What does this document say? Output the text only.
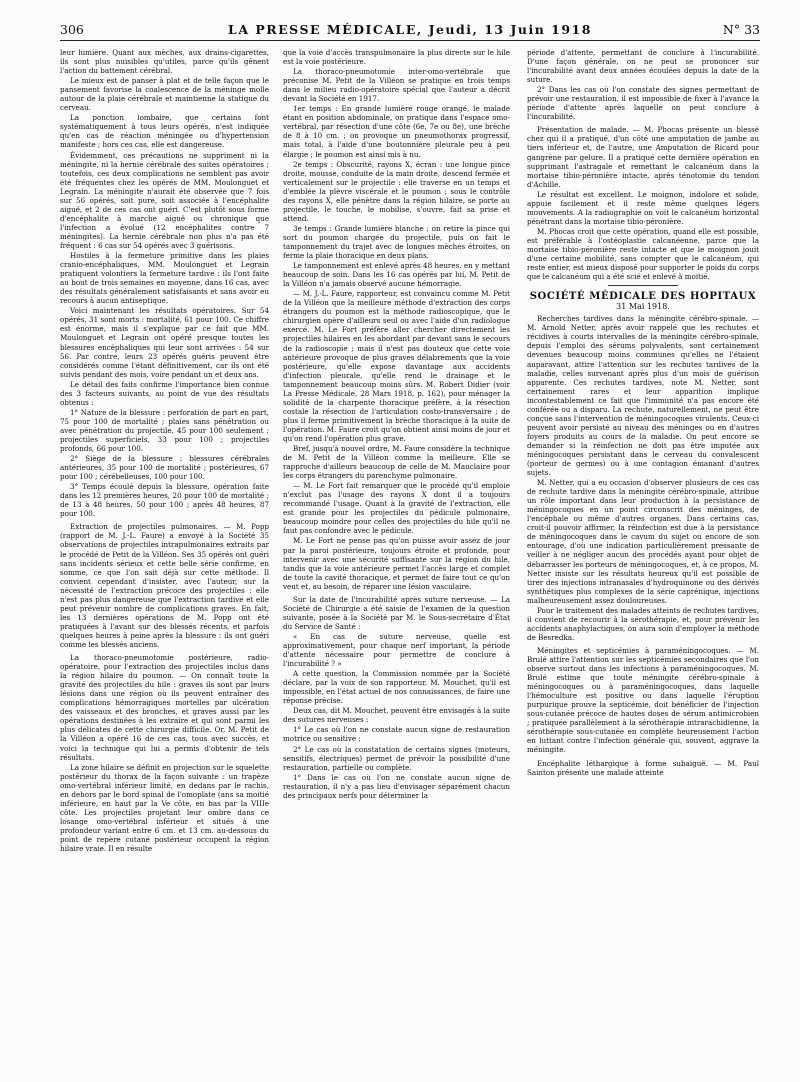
306	LA PRESSE MÉDICALE, Jeudi, 13 Juin 1918	N° 33

leur lumière. Quant aux mèches, aux drains-cigarettes, ils sont plus nuisibles qu'utiles, parce qu'ils gênent l'action du battement cérébral.

Le mieux est de panser à plat et de telle façon que le pansement favorise la coalescence de la méninge molle autour de la plaie cérébrale et maintienne la statique du cerveau.

La ponction lombaire, que certains font systématiquement à tous leurs opérés, n'est indiquée qu'en cas de réaction méningée ou d'hypertension manifeste ; hors ces cas, elle est dangereuse.

Évidemment, ces précautions ne suppriment ni la méningite, ni la hernie cérébrale des suites opératoires ; toutefois, ces deux complications ne semblent pas avoir été fréquentes chez les opérés de MM. Moulonguet et Legrain. La méningite n'aurait été observée que 7 fois sur 56 opérés, soit pure, soit associée à l'encéphalite aiguë, et 2 de ces cas ont guéri. C'est plutôt sous forme d'encéphalite à marche aiguë ou chronique que l'infection a évolué (12 encéphalites contre 7 méningites). La hernie cérébrale non plus n'a pas été fréquent : 6 cas sur 54 opérés avec 3 guérisons.

Hostiles à la fermeture primitive dans les plaies cranio-encéphaliques, MM. Moulonguet et Legrain pratiquent volontiers la fermeture tardive : ils l'ont faite au bout de trois semaines en moyenne, dans 16 cas, avec des résultats généralement satisfaisants et sans avoir eu recours à aucun antiseptique.

Voici maintenant les résultats opératoires. Sur 54 opérés, 31 sont morts : mortalité, 61 pour 100. Ce chiffre est énorme, mais il s'explique par ce fait que MM. Moulonguet et Legrain ont opéré presque toutes les blessures encéphaliques qui leur sont arrivées : 54 sur 56. Par contre, leurs 23 opérés guéris peuvent être considérés comme l'étant définitivement, car ils ont été suivis pendant des mois, voire pendant un et deux ans.

Le détail des faits confirme l'importance bien connue des 3 facteurs suivants, au point de vue des résultats obtenus :

1° Nature de la blessure : perforation de part en part, 75 pour 100 de mortalité ; plaies sans pénétration ou avec pénétration du projectile, 45 pour 100 seulement ; projectiles superficiels, 33 pour 100 ; projectiles profonds, 66 pour 100.

2° Siège de la blessure : blessures cérébrales antérieures, 35 pour 100 de mortalité ; postérieures, 67 pour 100 ; cérébelleuses, 100 pour 100.

3° Temps écoulé depuis la blessure, opération faite dans les 12 premières heures, 20 pour 100 de mortalité ; de 13 à 48 heures, 50 pour 100 ; après 48 heures, 87 pour 100.

Extraction de projectiles pulmonaires. — M. Popp (rapport de M. J.-L. Faure) a envoyé à la Société 35 observations de projectiles intrapulmonaires extraits par le procédé de Petit de la Villéon. Ses 35 opérés ont guéri sans incidents sérieux et cette belle série confirme, en somme, ce que l'on sait déjà sur cette méthode. Il convient cependant d'insister, avec l'auteur, sur la nécessité de l'extraction précoce des projectiles : elle n'est pas plus dangereuse que l'extraction tardive et elle peut prévenir nombre de complications graves. En fait, les 13 dernières opérations de M. Popp ont été pratiquées à l'avant sur des blessés récents, et parfois quelques heures à peine après la blessure : ils ont guéri comme les blessés anciens.

La thoraco-pneumotomie postérieure, radio-opératoire, pour l'extraction des projectiles inclus dans la région hilaire du poumon. — On connaît toute la gravité des projectiles du hile : graves ils sont par leurs lésions dans une région où ils peuvent entraîner des complications hémorragiques mortelles par ulcération des vaisseaux et des bronches, et graves aussi par les opérations destinées à les extraire et qui sont parmi les plus délicates de cette chirurgie difficile. Or, M. Petit de la Villéon a opéré 16 de ces cas, tous avec succès, et voici la technique qui lui a permis d'obtenir de tels résultats.

La zone hilaire se définit en projection sur le squelette postérieur du thorax de la façon suivante : un trapèze omo-vertébral inférieur limité, en dedans par le rachis, en dehors par le bord spinal de l'omoplate (ans sa moitié inférieure, en haut par la Ve côte, en bas par la VIIIe côte. Les projectiles projetant leur ombre dans ce losange omo-vertébral inférieur et situés à une profondeur variant entre 6 cm. et 13 cm. au-dessous du point de repère cutané postérieur occupent la région hilaire vraie. Il en résulte

que la voie d'accès transpulmonaire la plus directe sur le hile est la voie postérieure.

La thoraco-pneumotomie inter-omo-vertébrale que préconise M. Petit de la Villéon se pratique en trois temps dans le milieu radio-opératoire spécial que l'auteur a décrit devant la Société en 1917.

1er temps : En grande lumière rouge orangé, le malade étant en position abdominale, on pratique dans l'espace omo-vertébral, par résection d'une côte (6e, 7e ou 8e), une brèche de 8 à 10 cm. ; on provoque un pneumothorax progressif, mais total, à l'aide d'une boutonnière pleurale peu à peu élargie ; le poumon est ainsi mis à nu.

2e temps : Obscurité, rayons X, écran : une longue pince droite, mousse, conduite de la main droite, descend fermée et verticalement sur le projectile : elle traverse en un temps et d'emblée la plèvre viscérale et le poumon ; sous le contrôle des rayons X, elle pénètre dans la région hilaire, se porte au projectile, le touche, le mobilise, s'ouvre, fait sa prise et attend.

3e temps : Grande lumière blanche ; on retire la pince qui sort du poumon chargée du projectile, puis on fait le tamponnement du trajet avec de longues mèches étroites, on ferme la plaie thoracique en deux plans.

Le tamponnement est enlevé après 48 heures, en y mettant beaucoup de soin. Dans les 16 cas opérés par lui, M. Petit de la Villéon n'a jamais observé aucune hémorragie.

— M. J.-L. Faure, rapporteur, est convaincu comme M. Petit de la Villéon que la meilleure méthode d'extraction des corps étrangers du poumon est la méthode radioscopique, que le chirurgien opère d'ailleurs seul ou avec l'aide d'un radiologue exercé. M. Le Fort préfère aller chercher directement les projectiles hilaires en les abordant par devant sans le secours de la radioscopie ; mais il n'est pas douteux que cette voie antérieure provoque de plus graves délabrements que la voie postérieure, qu'elle expose davantage aux accidents d'infection pleurale, qu'elle rend le drainage et le tamponnement beaucoup moins sûrs. M. Robert Didier (voir La Presse Médicale, 28 Mars 1918, p. 162), pour ménager la solidité de la charpente thoracique préfère, à la résection costale la résection de l'articulation costo-transversaire ; de plus il ferme primitivement la brèche thoracique à la suite de l'opération. M. Faure croit qu'on obtient ainsi moins de jour et qu'on rend l'opération plus grave.

Bref, jusqu'à nouvel ordre, M. Faure considère la technique de M. Petit de la Villéon comme la meilleure. Elle se rapproche d'ailleurs beaucoup de celle de M. Mauclaire pour les corps étrangers du parenchyme pulmonaire.

— M. Le Fort fait remarquer que le procédé qu'il emploie n'exclut pas l'usage des rayons X dont il a toujours recommandé l'usage. Quant à la gravité de l'extraction, elle est grande pour les projectiles du pédicule pulmonaire, beaucoup moindre pour celles des projectiles du hile qu'il ne faut pas confondre avec le pédicule.

M. Le Fort ne pense pas qu'on puisse avoir assez de jour par la paroi postérieure, toujours étroite et profonde, pour intervenir avec une sécurité suffisante sur la région du hile, tandis que la voie antérieure permet l'accès large et complet de toute la cavité thoracique, et permet de faire tout ce qu'on veut et, au besoin, de réparer une lésion vasculaire.

Sur la date de l'incurabilité après suture nerveuse. — La Société de Chirurgie a été saisie de l'examen de la question suivante, posée à la Société par M. le Sous-secrétaire d'État du Service de Santé :

« En cas de suture nerveuse, quelle est approximativement, pour chaque nerf important, la période d'attente nécessaire pour permettre de conclure à l'incurabilité ? »

A cette question, la Commission nommée par la Société déclare, par la voix de son rapporteur, M. Mouchet, qu'il est impossible, en l'état actuel de nos connaissances, de faire une réponse précise.

Deux cas, dit M. Mouchet, peuvent être envisagés à la suite des sutures nerveuses :

1° Le cas où l'on ne constate aucun signe de restauration motrice ou sensitive ;

2° Le cas où la constatation de certains signes (moteurs, sensitifs, électriques) permet de prévoir la possibilité d'une restauration, partielle ou complète.

1° Dans le cas où l'on ne constate aucun signe de restauration, il n'y a pas lieu d'envisager séparément chacun des principaux nerfs pour déterminer la

période d'attente, permettant de conclure à l'incurabilité. D'une façon générale, on ne peut se prononcer sur l'incurabilité avant deux années écoulées depuis la date de la suture.

2° Dans les cas où l'on constate des signes permettant de prévoir une restauration, il est impossible de fixer à l'avance la période d'attente après laquelle on peut conclure à l'incurabilité.

Présentation de malade. — M. Phocas présente un blessé chez qui il a pratiqué, d'un côté une amputation de jambe au tiers inférieur et, de l'autre, une Amputation de Ricard pour gangrène par gelure. Il a pratiqué cette dernière opération en supprimant l'astragale et remettant le calcanéum dans la mortaise tibio-péronière intacte, après ténotomie du tendon d'Achille.

Le résultat est excellent. Le moignon, indolore et solide, appuie facilement et il reste même quelques légers mouvements. A la radiographie on voit le calcanéum horizontal pénétrant dans la mortaise tibio-péronière.

M. Phocas croit que cette opération, quand elle est possible, est préférable à l'ostéoplastie calcanéenne, parce que la mortaise tibio-péronière reste intacte et que le moignon jouit d'une certaine mobilité, sans compter que le calcanéum, qui reste entier, est mieux disposé pour supporter le poids du corps que le calcanéum qui a été scié et enlevé à moitié.

SOCIÉTÉ MÉDICALE DES HOPITAUX
31 Mai 1918.

Recherches tardives dans la méningite cérébro-spinale. — M. Arnold Netter, après avoir rappelé que les rechutes et récidives à courts intervalles de la méningite cérébro-spinale, depuis l'emploi des sérums polyvalents, sont certainement devenues beaucoup moins communes qu'elles ne l'étaient auparavant, attire l'attention sur les rechutes tardives de la maladie, celles survenant après plus d'un mois de guérison apparente. Ces rechutes tardives, note M. Netter, sont certainement rares et leur apparition implique incontestablement ce fait que l'immunité n'a pas encore été conférée ou a disparu. La rechute, naturellement, ne peut être conçue sans l'intervention de méningocoques virulents. Ceux-ci peuvent avoir persisté au niveau des méninges ou en d'autres foyers produits au cours de la maladie. On peut encore se demander si la réinfection ne doit pas être imputée aux méningocoques persistant dans le cerveau du convalescent (porteur de germes) ou à une contagion émanant d'autres sujets.

M. Netter, qui a eu occasion d'observer plusieurs de ces cas de rechute tardive dans la méningite cérébro-spinale, attribue un rôle important dans leur production à la persistance de méningocoques en un point circonscrit des méninges, de l'encéphale ou même d'autres organes. Dans certains cas, croit-il pouvoir affirmer, la réinfection est due à la persistance de méningocoques dans le cavum du sujet ou encore de son entourage, d'où une indication particulièrement pressante de veiller à ne négliger aucun des procédés ayant pour objet de débarrasser les porteurs de méningocoques, et, à ce propos, M. Netter insiste sur les résultats heureux qu'il est possible de tirer des injections intranasales d'hydroquinone ou des dérivés synthétiques plus complexes de la série caprénique, injections malheureusement assez douloureuses.

Pour le traitement des malades atteints de rechutes tardives, il convient de recourir à la sérothérapie, et, pour prévenir les accidents anaphylactiques, on aura soin d'employer la méthode de Besredka.

Méningites et septicémies à paraméningocoques. — M. Brulé attire l'attention sur les septicémies secondaires que l'on observe surtout dans les infections à paraméningocoques. M. Brulé estime que toute méningite cérébro-spinale à méningocoques ou à paraméningocoques, dans laquelle l'hémoculture est positive ou dans laquelle l'éruption purpurique prouve la septicémie, doit bénéficier de l'injection sous-cutanée précoce de hautes doses de sérum antimicrobien ; pratiquée parallèlement à la sérothérapie intrarachidienne, la sérothérapie sous-cutanée en complète heureusement l'action en luttant contre l'infection générale qui, souvent, aggrave la méningite.

Encéphalite léthargique à forme subaiguë. — M. Paul Sainton présente une malade atteinte
